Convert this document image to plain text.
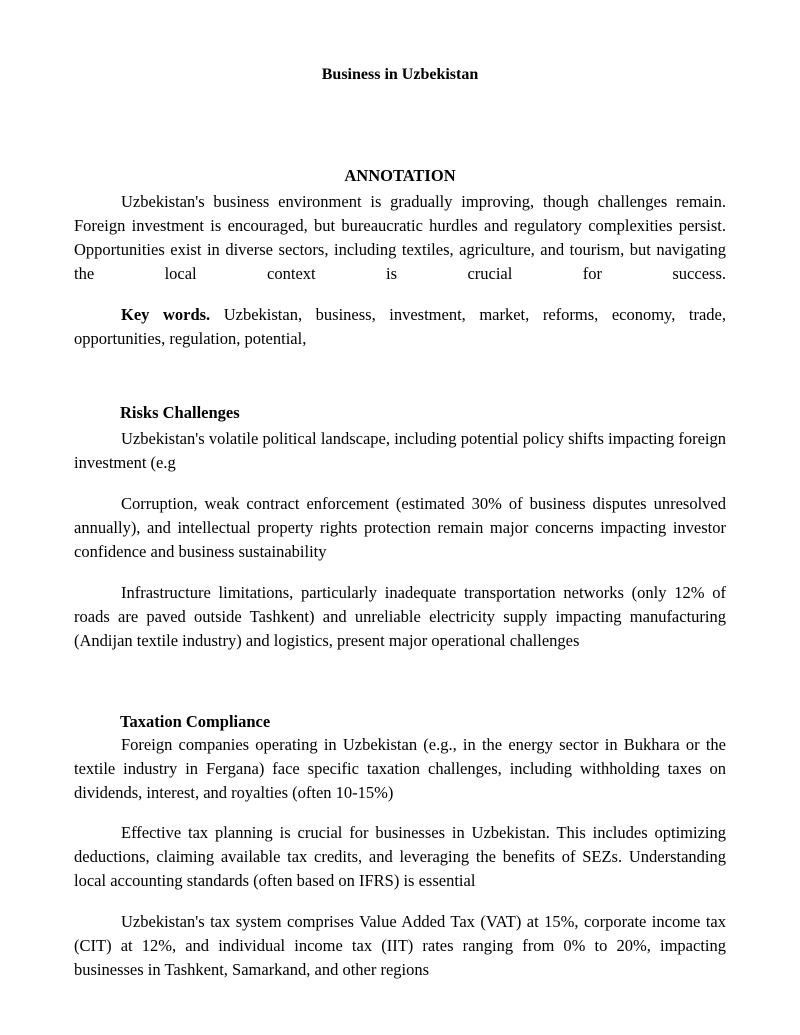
Business in Uzbekistan
ANNOTATION

Uzbekistan's business environment is gradually improving, though challenges remain. Foreign investment is encouraged, but bureaucratic hurdles and regulatory complexities persist. Opportunities exist in diverse sectors, including textiles, agriculture, and tourism, but navigating the local context is crucial for success.

Key words. Uzbekistan, business, investment, market, reforms, economy, trade, opportunities, regulation, potential,

Risks Challenges

Uzbekistan's volatile political landscape, including potential policy shifts impacting foreign investment (e.g

Corruption, weak contract enforcement (estimated 30% of business disputes unresolved annually), and intellectual property rights protection remain major concerns impacting investor confidence and business sustainability

Infrastructure limitations, particularly inadequate transportation networks (only 12% of roads are paved outside Tashkent) and unreliable electricity supply impacting manufacturing (Andijan textile industry) and logistics, present major operational challenges

Taxation Compliance

Foreign companies operating in Uzbekistan (e.g., in the energy sector in Bukhara or the textile industry in Fergana) face specific taxation challenges, including withholding taxes on dividends, interest, and royalties (often 10-15%)

Effective tax planning is crucial for businesses in Uzbekistan. This includes optimizing deductions, claiming available tax credits, and leveraging the benefits of SEZs. Understanding local accounting standards (often based on IFRS) is essential

Uzbekistan's tax system comprises Value Added Tax (VAT) at 15%, corporate income tax (CIT) at 12%, and individual income tax (IIT) rates ranging from 0% to 20%, impacting businesses in Tashkent, Samarkand, and other regions
